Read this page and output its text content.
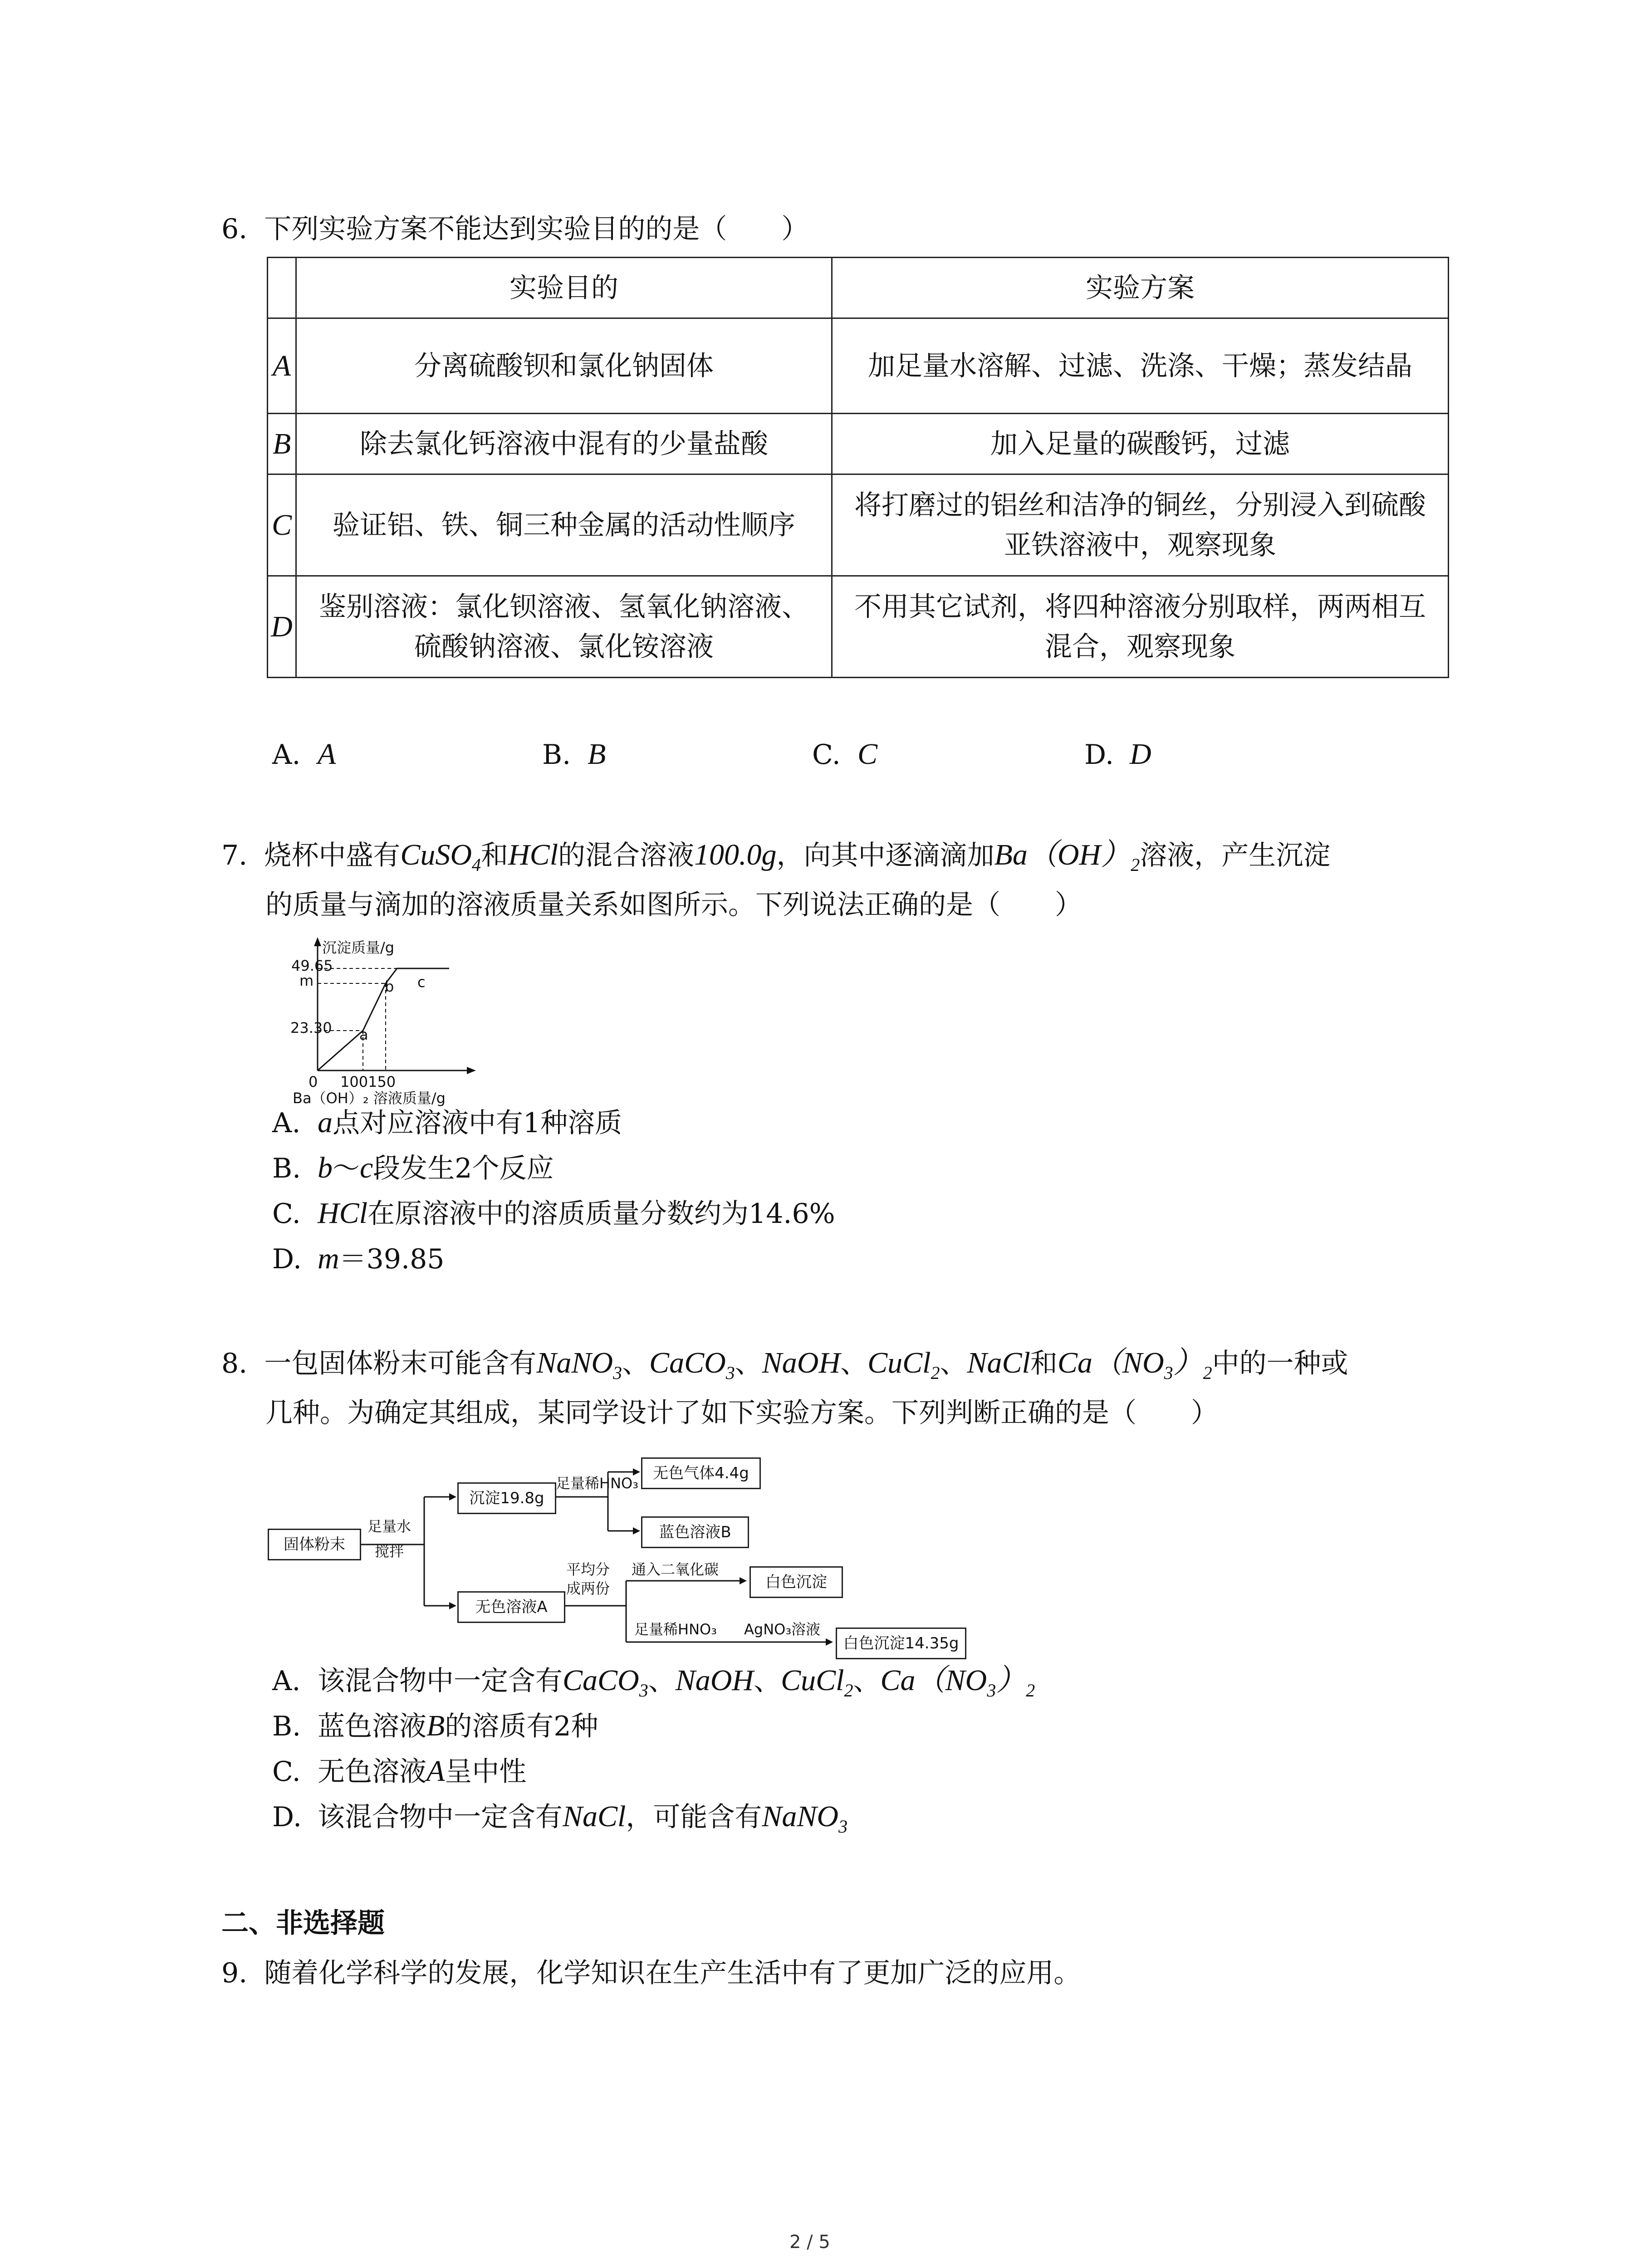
6. 下列实验方案不能达到实验目的的是（　　）
	实验目的	实验方案
A	分离硫酸钡和氯化钠固体	加足量水溶解、过滤、洗涤、干燥；蒸发结晶
B	除去氯化钙溶液中混有的少量盐酸	加入足量的碳酸钙，过滤
C	验证铝、铁、铜三种金属的活动性顺序	将打磨过的铝丝和洁净的铜丝，分别浸入到硫酸亚铁溶液中，观察现象
D	鉴别溶液：氯化钡溶液、氢氧化钠溶液、硫酸钠溶液、氯化铵溶液	不用其它试剂，将四种溶液分别取样，两两相互混合，观察现象
A. A	B. B	C. C	D. D
7. 烧杯中盛有CuSO$_4$和HCl的混合溶液100.0g，向其中逐滴滴加$Ba(OH)_2$溶液，产生沉淀
的质量与滴加的溶液质量关系如图所示。下列说法正确的是（　　）
49.65
m
23.30
0 100150
a
b c
沉淀质量/g
Ba（OH）₂ 溶液质量/g
A. a点对应溶液中有1种溶质
B. b～c段发生2个反应
C. HCl在原溶液中的溶质质量分数约为14.6%
D. m＝39.85
8. 一包固体粉末可能含有NaNO$_3$、CaCO$_3$、NaOH、CuCl$_2$、NaCl和$Ca(NO_3)_2$中的一种或
几种。为确定其组成，某同学设计了如下实验方案。下列判断正确的是（　　）
固体粉末
足量水
搅拌
沉淀19.8g
足量稀HNO₃
无色气体4.4g
蓝色溶液B
无色溶液A
平均分
成两份
通入二氧化碳
白色沉淀
足量稀HNO₃ AgNO₃溶液
白色沉淀14.35g
A. 该混合物中一定含有CaCO$_3$、NaOH、CuCl$_2$、$Ca(NO_3)_2$
B. 蓝色溶液B的溶质有2种
C. 无色溶液A呈中性
D. 该混合物中一定含有NaCl，可能含有NaNO$_3$
二、非选择题
9. 随着化学科学的发展，化学知识在生产生活中有了更加广泛的应用。
2 / 5
